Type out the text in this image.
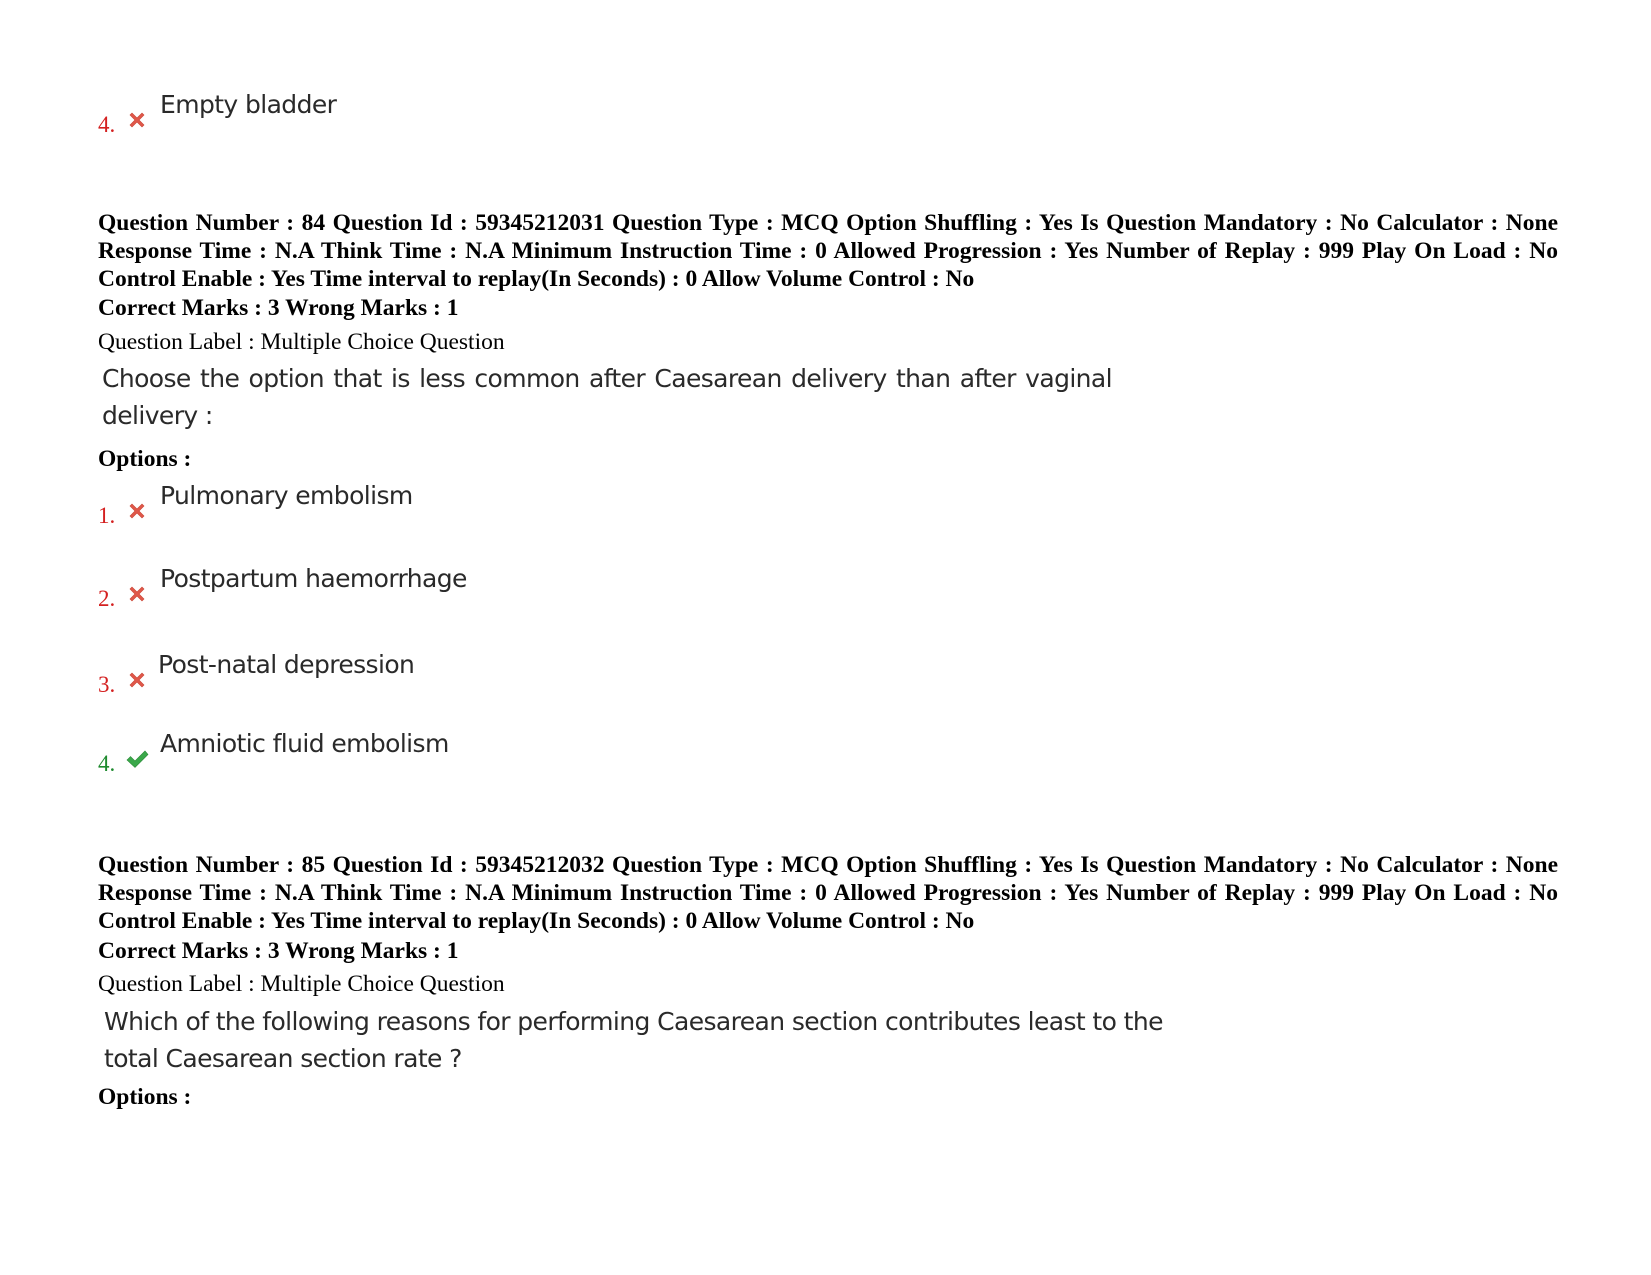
4.
Empty bladder
Question Number : 84 Question Id : 59345212031 Question Type : MCQ Option Shuffling : Yes Is Question Mandatory : No Calculator : None Response Time : N.A Think Time : N.A Minimum Instruction Time : 0 Allowed Progression : Yes Number of Replay : 999 Play On Load : No Control Enable : Yes Time interval to replay(In Seconds) : 0 Allow Volume Control : No
Correct Marks : 3 Wrong Marks : 1
Question Label : Multiple Choice Question
Choose the option that is less common after Caesarean delivery than after vaginal
delivery :
Options :
1.
Pulmonary embolism
2.
Postpartum haemorrhage
3.
Post-natal depression
4.
Amniotic fluid embolism
Question Number : 85 Question Id : 59345212032 Question Type : MCQ Option Shuffling : Yes Is Question Mandatory : No Calculator : None Response Time : N.A Think Time : N.A Minimum Instruction Time : 0 Allowed Progression : Yes Number of Replay : 999 Play On Load : No Control Enable : Yes Time interval to replay(In Seconds) : 0 Allow Volume Control : No
Correct Marks : 3 Wrong Marks : 1
Question Label : Multiple Choice Question
Which of the following reasons for performing Caesarean section contributes least to the
total Caesarean section rate ?
Options :
